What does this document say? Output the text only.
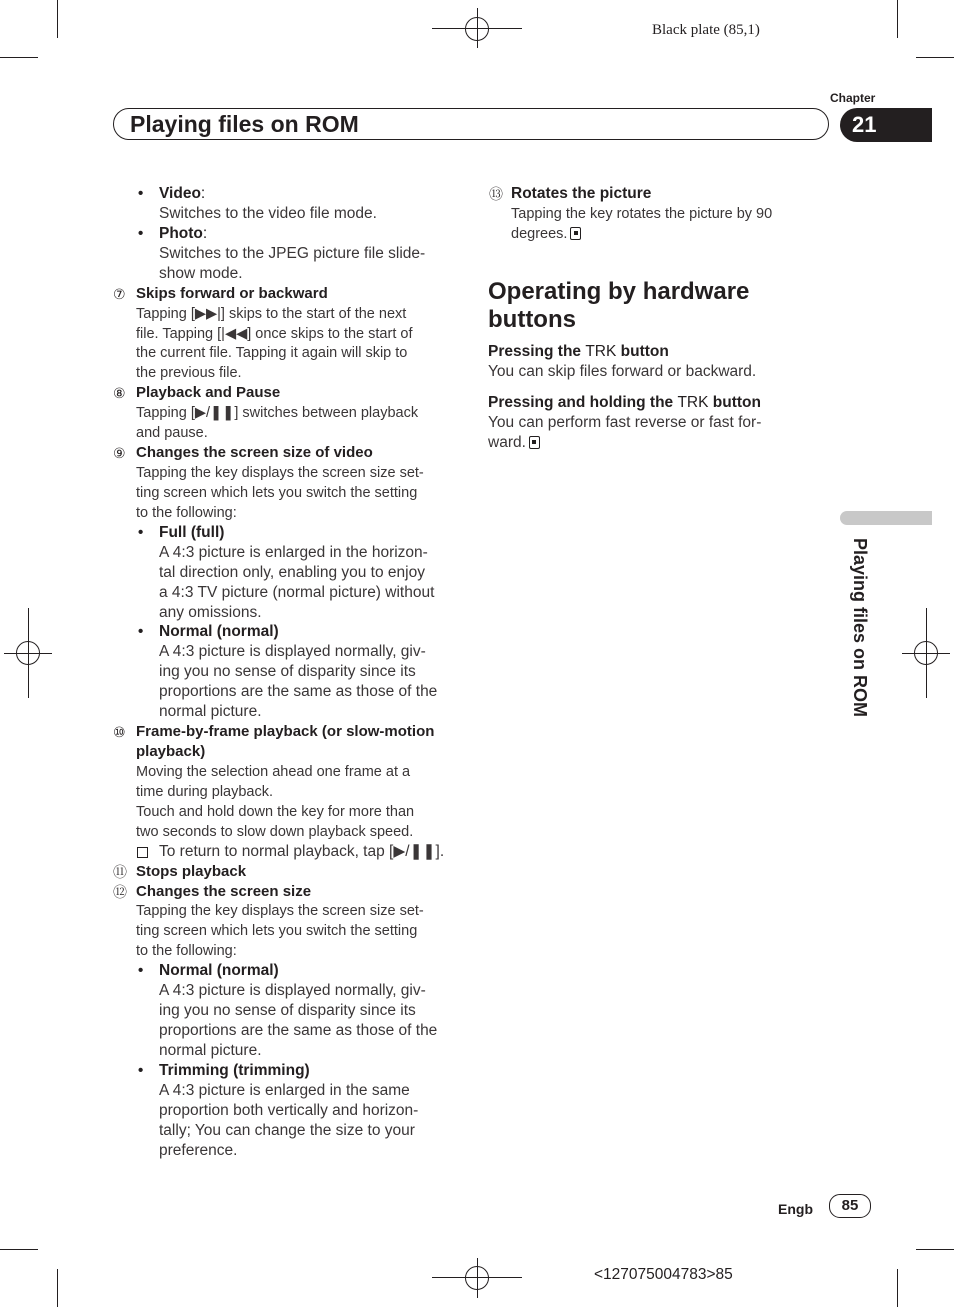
Black plate (85,1)
Playing files on ROM
Chapter
21
Playing files on ROM
• Video:
Switches to the video file mode.
• Photo:
Switches to the JPEG picture file slide-
show mode.
⑦ Skips forward or backward
Tapping [▶▶|] skips to the start of the next
file. Tapping [|◀◀] once skips to the start of
the current file. Tapping it again will skip to
the previous file.
⑧ Playback and Pause
Tapping [▶/❚❚] switches between playback
and pause.
⑨ Changes the screen size of video
Tapping the key displays the screen size set-
ting screen which lets you switch the setting
to the following:
• Full (full)
A 4:3 picture is enlarged in the horizon-
tal direction only, enabling you to enjoy
a 4:3 TV picture (normal picture) without
any omissions.
• Normal (normal)
A 4:3 picture is displayed normally, giv-
ing you no sense of disparity since its
proportions are the same as those of the
normal picture.
⑩ Frame-by-frame playback (or slow-motion
playback)
Moving the selection ahead one frame at a
time during playback.
Touch and hold down the key for more than
two seconds to slow down playback speed.
To return to normal playback, tap [▶/❚❚].
⑪ Stops playback
⑫ Changes the screen size
Tapping the key displays the screen size set-
ting screen which lets you switch the setting
to the following:
• Normal (normal)
A 4:3 picture is displayed normally, giv-
ing you no sense of disparity since its
proportions are the same as those of the
normal picture.
• Trimming (trimming)
A 4:3 picture is enlarged in the same
proportion both vertically and horizon-
tally; You can change the size to your
preference.
⑬ Rotates the picture
Tapping the key rotates the picture by 90
degrees.
Operating by hardware
buttons
Pressing the TRK button
You can skip files forward or backward.
Pressing and holding the TRK button
You can perform fast reverse or fast for-
ward.
Engb	85
<127075004783>85
